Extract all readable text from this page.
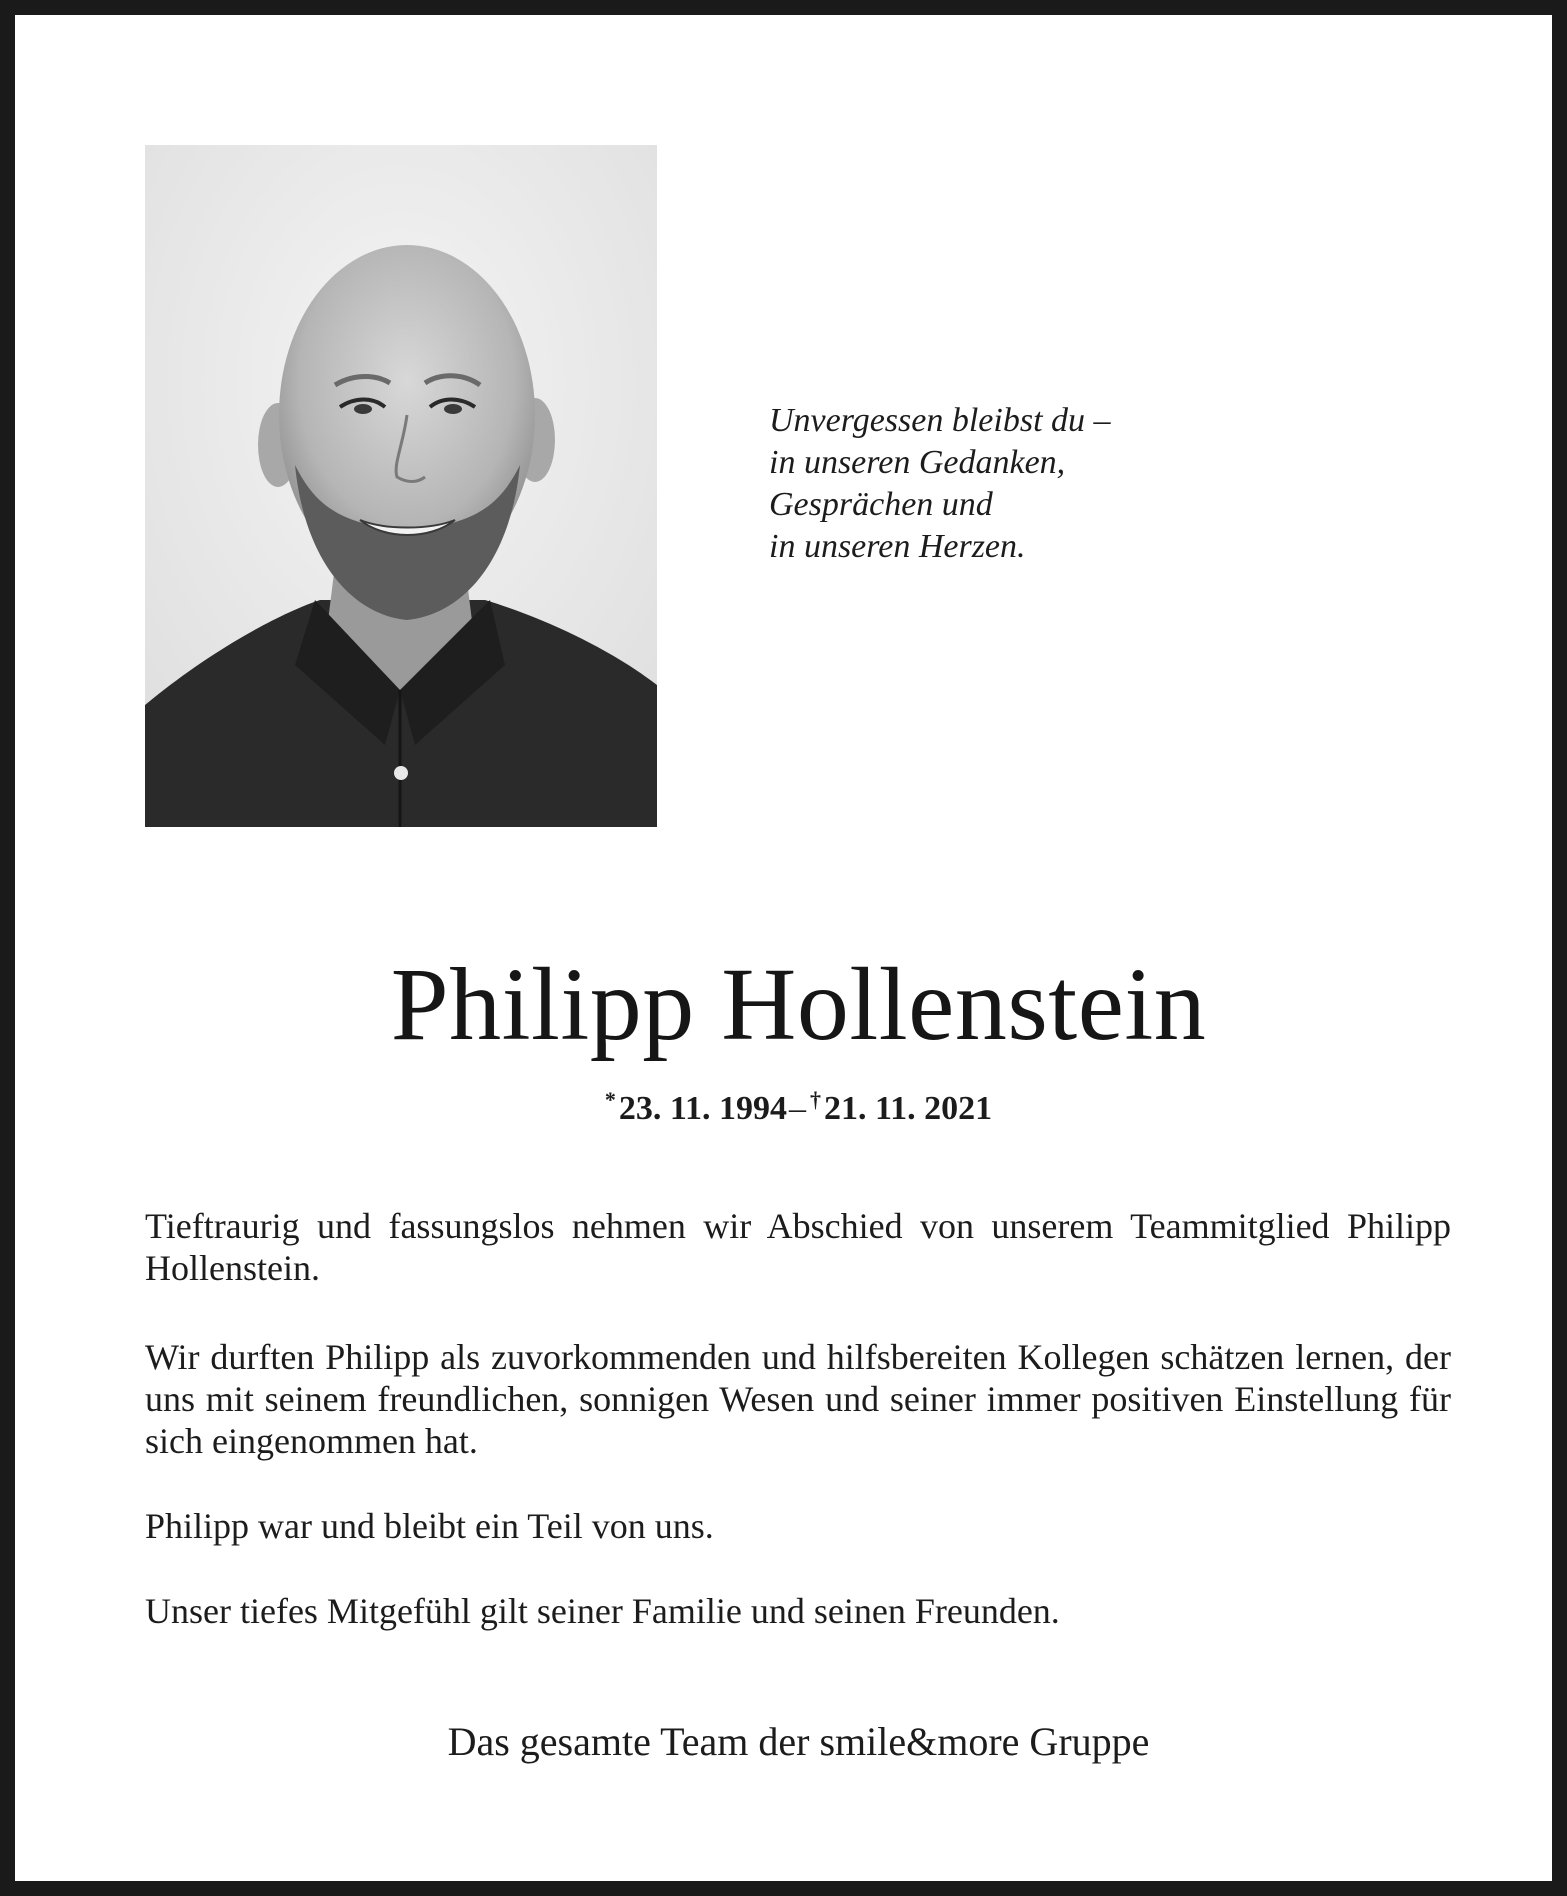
Unvergessen bleibst du –
in unseren Gedanken,
Gesprächen und
in unseren Herzen.
Philipp Hollenstein
*23. 11. 1994– †21. 11. 2021
Tieftraurig und fassungslos nehmen wir Abschied von unserem Teammitglied Philipp Hollenstein.
Wir durften Philipp als zuvorkommenden und hilfsbereiten Kollegen schätzen lernen, der uns mit seinem freundlichen, sonnigen Wesen und seiner immer positiven Einstellung für sich eingenommen hat.
Philipp war und bleibt ein Teil von uns.
Unser tiefes Mitgefühl gilt seiner Familie und seinen Freunden.
Das gesamte Team der smile&more Gruppe
